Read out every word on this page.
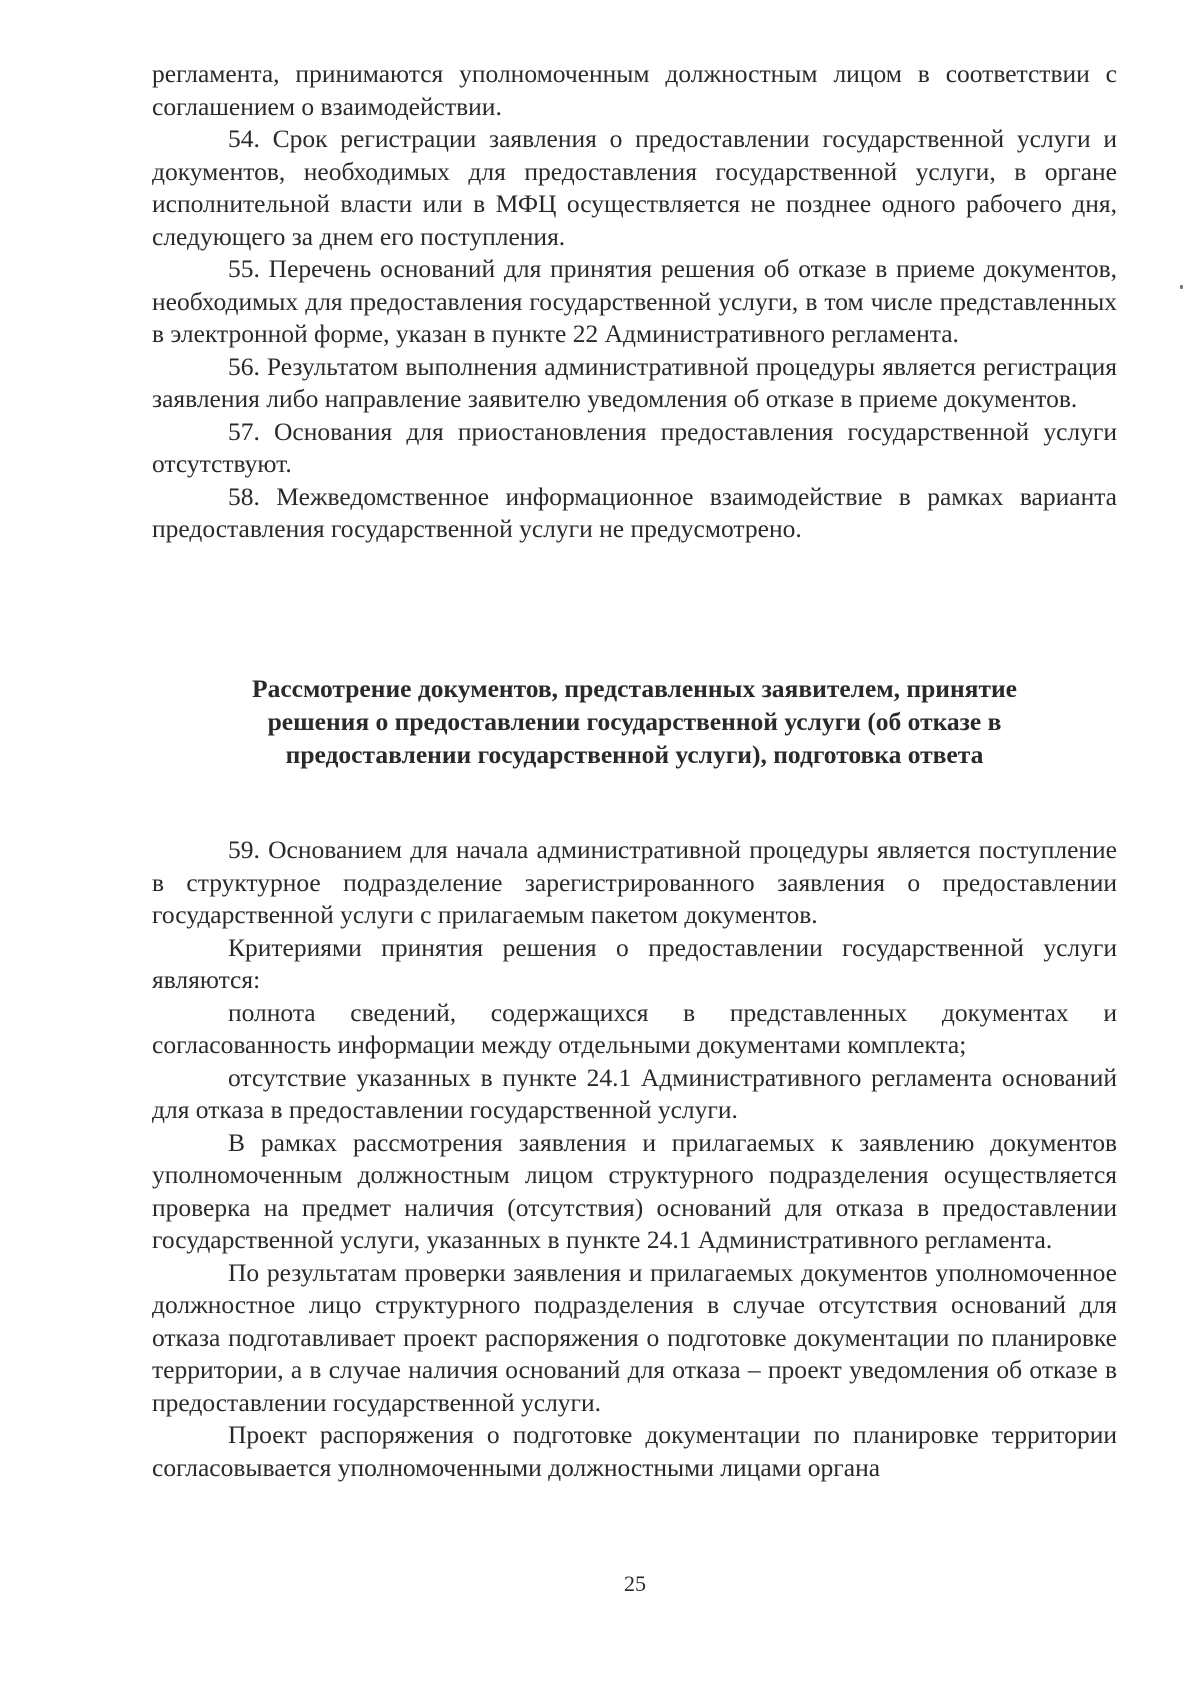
регламента, принимаются уполномоченным должностным лицом в соответствии с соглашением о взаимодействии.

54. Срок регистрации заявления о предоставлении государственной услуги и документов, необходимых для предоставления государственной услуги, в органе исполнительной власти или в МФЦ осуществляется не позднее одного рабочего дня, следующего за днем его поступления.

55. Перечень оснований для принятия решения об отказе в приеме документов, необходимых для предоставления государственной услуги, в том числе представленных в электронной форме, указан в пункте 22 Административного регламента.

56. Результатом выполнения административной процедуры является регистрация заявления либо направление заявителю уведомления об отказе в приеме документов.

57. Основания для приостановления предоставления государственной услуги отсутствуют.

58. Межведомственное информационное взаимодействие в рамках варианта предоставления государственной услуги не предусмотрено.

Рассмотрение документов, представленных заявителем, принятие
решения о предоставлении государственной услуги (об отказе в
предоставлении государственной услуги), подготовка ответа

59. Основанием для начала административной процедуры является поступление в структурное подразделение зарегистрированного заявления о предоставлении государственной услуги с прилагаемым пакетом документов.

Критериями принятия решения о предоставлении государственной услуги являются:

полнота сведений, содержащихся в представленных документах и согласованность информации между отдельными документами комплекта;

отсутствие указанных в пункте 24.1 Административного регламента оснований для отказа в предоставлении государственной услуги.

В рамках рассмотрения заявления и прилагаемых к заявлению документов уполномоченным должностным лицом структурного подразделения осуществляется проверка на предмет наличия (отсутствия) оснований для отказа в предоставлении государственной услуги, указанных в пункте 24.1 Административного регламента.

По результатам проверки заявления и прилагаемых документов уполномоченное должностное лицо структурного подразделения в случае отсутствия оснований для отказа подготавливает проект распоряжения о подготовке документации по планировке территории, а в случае наличия оснований для отказа – проект уведомления об отказе в предоставлении государственной услуги.

Проект распоряжения о подготовке документации по планировке территории согласовывается уполномоченными должностными лицами органа

25
